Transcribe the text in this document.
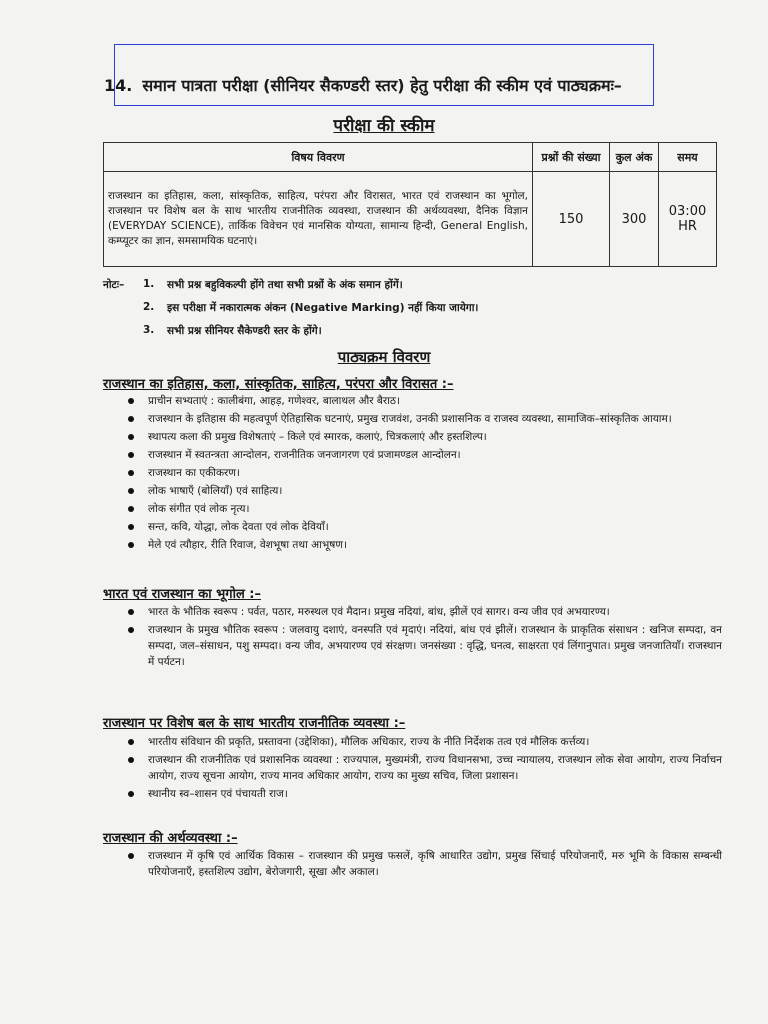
14. समान पात्रता परीक्षा (सीनियर सैकण्डरी स्तर) हेतु परीक्षा की स्कीम एवं पाठ्यक्रमः–
परीक्षा की स्कीम
विषय विवरण	प्रश्नों की संख्या	कुल अंक	समय
राजस्थान का इतिहास, कला, सांस्कृतिक, साहित्य, परंपरा और विरासत, भारत एवं राजस्थान का भूगोल, राजस्थान पर विशेष बल के साथ भारतीय राजनीतिक व्यवस्था, राजस्थान की अर्थव्यवस्था, दैनिक विज्ञान (EVERYDAY SCIENCE), तार्किक विवेचन एवं मानसिक योग्यता, सामान्य हिन्दी, General English, कम्प्यूटर का ज्ञान, समसामयिक घटनाएं।	150	300	03:00 HR
नोटः– 1. सभी प्रश्न बहुविकल्पी होंगे तथा सभी प्रश्नों के अंक समान होंगें।
2. इस परीक्षा में नकारात्मक अंकन (Negative Marking) नहीं किया जायेगा।
3. सभी प्रश्न सीनियर सैकेण्डरी स्तर के होंगे।
पाठ्यक्रम विवरण
राजस्थान का इतिहास, कला, सांस्कृतिक, साहित्य, परंपरा और विरासत :–
प्राचीन सभ्यताएं : कालीबंगा, आहड़, गणेश्वर, बालाथल और बैराठ।
राजस्थान के इतिहास की महत्वपूर्ण ऐतिहासिक घटनाएं, प्रमुख राजवंश, उनकी प्रशासनिक व राजस्व व्यवस्था, सामाजिक–सांस्कृतिक आयाम।
स्थापत्य कला की प्रमुख विशेषताएं – किले एवं स्मारक, कलाएं, चित्रकलाएं और हस्तशिल्प।
राजस्थान में स्वतन्त्रता आन्दोलन, राजनीतिक जनजागरण एवं प्रजामण्डल आन्दोलन।
राजस्थान का एकीकरण।
लोक भाषाएँ (बोलियाँ) एवं साहित्य।
लोक संगीत एवं लोक नृत्य।
सन्त, कवि, योद्धा, लोक देवता एवं लोक देवियाँ।
मेले एवं त्यौहार, रीति रिवाज, वेशभूषा तथा आभूषण।
भारत एवं राजस्थान का भूगोल :–
भारत के भौतिक स्वरूप : पर्वत, पठार, मरुस्थल एवं मैदान। प्रमुख नदियां, बांध, झीलें एवं सागर। वन्य जीव एवं अभयारण्य।
राजस्थान के प्रमुख भौतिक स्वरूप : जलवायु दशाएं, वनस्पति एवं मृदाएं। नदियां, बांध एवं झीलें। राजस्थान के प्राकृतिक संसाधन : खनिज सम्पदा, वन सम्पदा, जल–संसाधन, पशु सम्पदा। वन्य जीव, अभयारण्य एवं संरक्षण। जनसंख्या : वृद्धि, घनत्व, साक्षरता एवं लिंगानुपात। प्रमुख जनजातियाँ। राजस्थान में पर्यटन।
राजस्थान पर विशेष बल के साथ भारतीय राजनीतिक व्यवस्था :–
भारतीय संविधान की प्रकृति, प्रस्तावना (उद्देशिका), मौलिक अधिकार, राज्य के नीति निर्देशक तत्व एवं मौलिक कर्त्तव्य।
राजस्थान की राजनीतिक एवं प्रशासनिक व्यवस्था : राज्यपाल, मुख्यमंत्री, राज्य विधानसभा, उच्च न्यायालय, राजस्थान लोक सेवा आयोग, राज्य निर्वाचन आयोग, राज्य सूचना आयोग, राज्य मानव अधिकार आयोग, राज्य का मुख्य सचिव, जिला प्रशासन।
स्थानीय स्व–शासन एवं पंचायती राज।
राजस्थान की अर्थव्यवस्था :–
राजस्थान में कृषि एवं आर्थिक विकास – राजस्थान की प्रमुख फसलें, कृषि आधारित उद्योग, प्रमुख सिंचाई परियोजनाएँ, मरु भूमि के विकास सम्बन्धी परियोजनाएँ, हस्तशिल्प उद्योग, बेरोजगारी, सूखा और अकाल।
